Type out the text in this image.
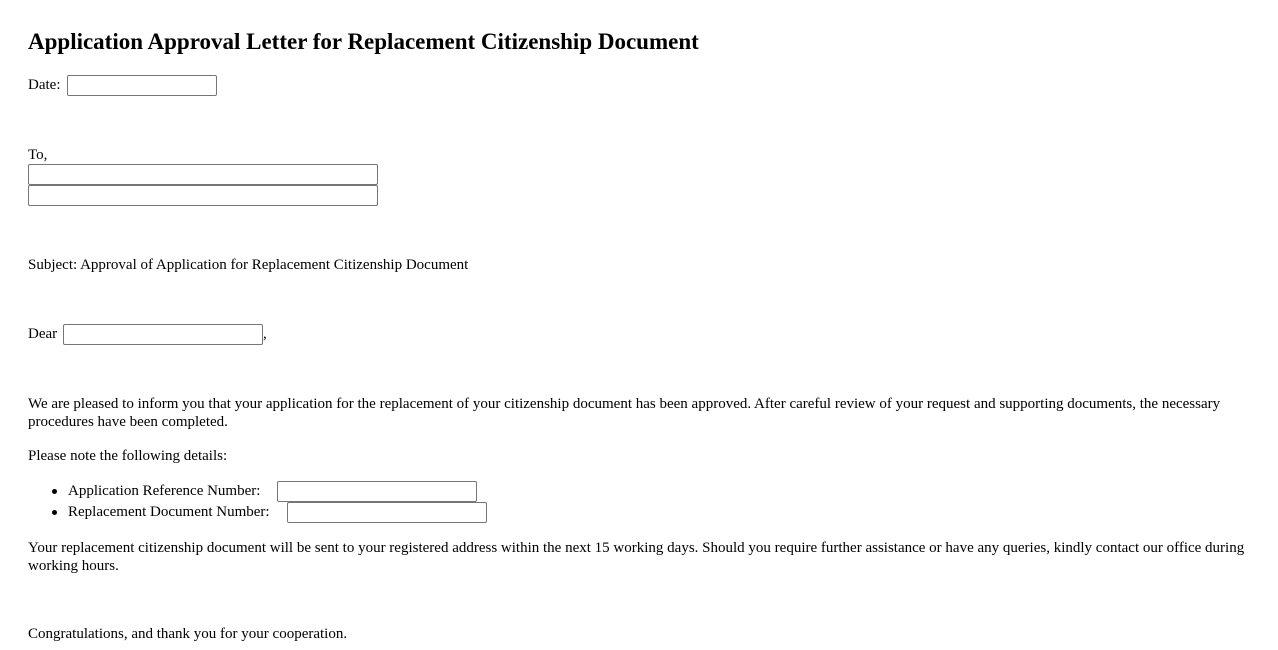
Application Approval Letter for Replacement Citizenship Document
Date:
To,
Subject: Approval of Application for Replacement Citizenship Document
Dear	,
We are pleased to inform you that your application for the replacement of your citizenship document has been approved. After careful review of your request and supporting documents, the necessary procedures have been completed.
Please note the following details:
Application Reference Number:
Replacement Document Number:
Your replacement citizenship document will be sent to your registered address within the next 15 working days. Should you require further assistance or have any queries, kindly contact our office during working hours.
Congratulations, and thank you for your cooperation.
